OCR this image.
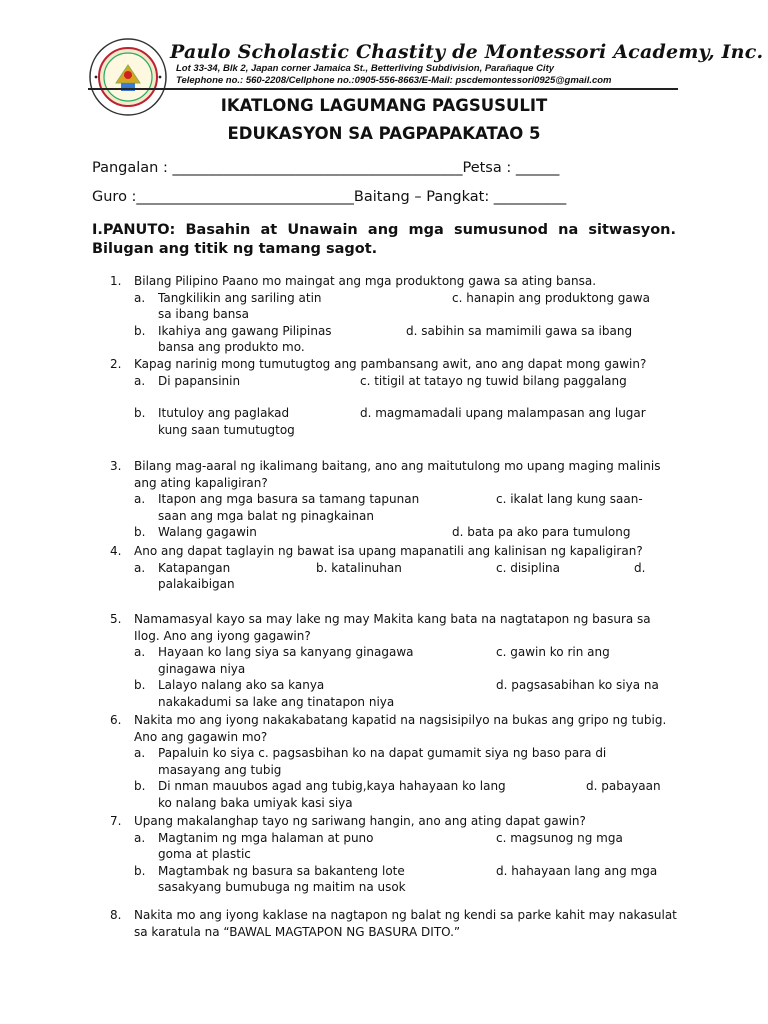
Paulo Scholastic Chastity de Montessori Academy, Inc.
Lot 33-34, Blk 2, Japan corner Jamaica St., Betterliving Subdivision, Parañaque City
Telephone no.: 560-2208/Cellphone no.:0905-556-8663/E-Mail: pscdemontessori0925@gmail.com
IKATLONG LAGUMANG PAGSUSULIT
EDUKASYON SA PAGPAPAKATAO 5
Pangalan : ________________________________________Petsa : ______
Guro :______________________________Baitang – Pangkat: __________
I.PANUTO: Basahin at Unawain ang mga sumusunod na sitwasyon. Bilugan ang titik ng tamang sagot.
1. Bilang Pilipino Paano mo maingat ang mga produktong gawa sa ating bansa.
a. Tangkilikin ang sariling atin	c. hanapin ang produktong gawa
sa ibang bansa
b. Ikahiya ang gawang Pilipinas	d. sabihin sa mamimili gawa sa ibang
bansa ang produkto mo.
2. Kapag narinig mong tumutugtog ang pambansang awit, ano ang dapat mong gawin?
a. Di papansinin	c. titigil at tatayo ng tuwid bilang paggalang
b. Itutuloy ang paglakad	d. magmamadali upang malampasan ang lugar
kung saan tumutugtog
3. Bilang mag-aaral ng ikalimang baitang, ano ang maitutulong mo upang maging malinis ang ating kapaligiran?
a. Itapon ang mga basura sa tamang tapunan	c. ikalat lang kung saan-
saan ang mga balat ng pinagkainan
b. Walang gagawin	d. bata pa ako para tumulong
4. Ano ang dapat taglayin ng bawat isa upang mapanatili ang kalinisan ng kapaligiran?
a. Katapangan	b. katalinuhan	c. disiplina	d.
palakaibigan
5. Namamasyal kayo sa may lake ng may Makita kang bata na nagtatapon ng basura sa Ilog. Ano ang iyong gagawin?
a. Hayaan ko lang siya sa kanyang ginagawa	c. gawin ko rin ang
ginagawa niya
b. Lalayo nalang ako sa kanya	d. pagsasabihan ko siya na
nakakadumi sa lake ang tinatapon niya
6. Nakita mo ang iyong nakakabatang kapatid na nagsisipilyo na bukas ang gripo ng tubig. Ano ang gagawin mo?
a. Papaluin ko siya c. pagsasbihan ko na dapat gumamit siya ng baso para di
masayang ang tubig
b. Di nman mauubos agad ang tubig,kaya hahayaan ko lang	d. pabayaan
ko nalang baka umiyak kasi siya
7. Upang makalanghap tayo ng sariwang hangin, ano ang ating dapat gawin?
a. Magtanim ng mga halaman at puno	c. magsunog ng mga
goma at plastic
b. Magtambak ng basura sa bakanteng lote	d. hahayaan lang ang mga
sasakyang bumubuga ng maitim na usok
8. Nakita mo ang iyong kaklase na nagtapon ng balat ng kendi sa parke kahit may nakasulat sa karatula na “BAWAL MAGTAPON NG BASURA DITO.”
